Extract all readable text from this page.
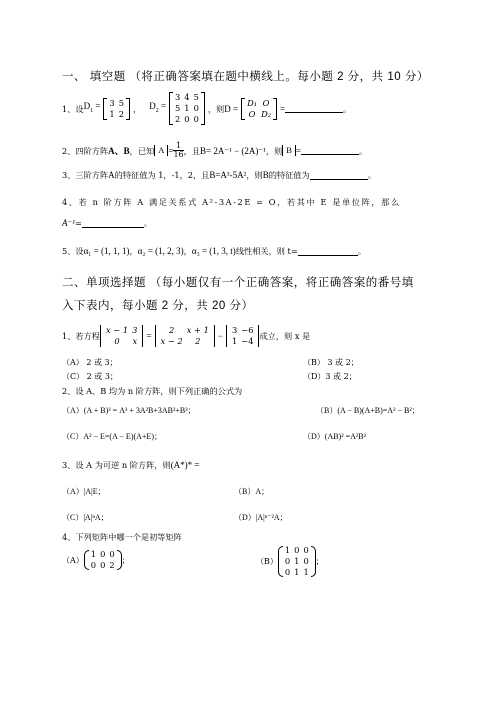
一、 填空题 （将正确答案填在题中横线上。每小题 2 分，共 10 分）
1、设 $D_1 = 3$	5
1	2 ， $D_2$ =
3	4	5
5	1	0
2	0	0
，则 D =
D₁	O
O	D₂ =	。
2、四阶方阵 A、B ，已知 $A = \frac{1}{16}$ ，且 B= 2A⁻¹ − (2A)⁻¹ ，则 B =	。
3、三阶方阵 A 的特征值为 1，-1，2，且 B=A³-5A² ，则 B 的特征值为	。
4、若 n 阶方阵 A 满足关系式 A²-3A-2E = O，若其中 E 是单位阵，那么
A⁻¹ =	。
5、设 α₁ = (1, 1, 1) ， α₂ = (1, 2, 3) ， α₃ = (1, 3, t) 线性相关，则 t=	。
二、单项选择题 （每小题仅有一个正确答案，将正确答案的番号填
入下表内，每小题 2 分，共 20 分）
1、若方程
x − 1	3
0	x =
2	x + 1
x − 2	2 −
3	−6
1	−4 成立，则 x 是
（A） 2 或 3；	（B） 3 或 2；
（C） 2 或 3；	（D）3 或 2；
2、设 A、B 均为 n 阶方阵，则下列正确的公式为
（A）(A + B)³ = A³ + 3A²B+3AB²+B³；	（B）(A − B)(A+B)=A² − B²；
（C）A² − E=(A − E)(A+E)；	（D）(AB)² =A²B²
3、设 A 为可逆 n 阶方阵，则 (A*)* =
（A）|A|E；	（B）A；
（C）|A|ⁿA；	（D）|A|ⁿ⁻²A；
4、下列矩阵中哪一个是初等矩阵
（A）
1	0	0
0	0	2 ；	（B）
1	0	0
0	1	0
0	1	1
；
